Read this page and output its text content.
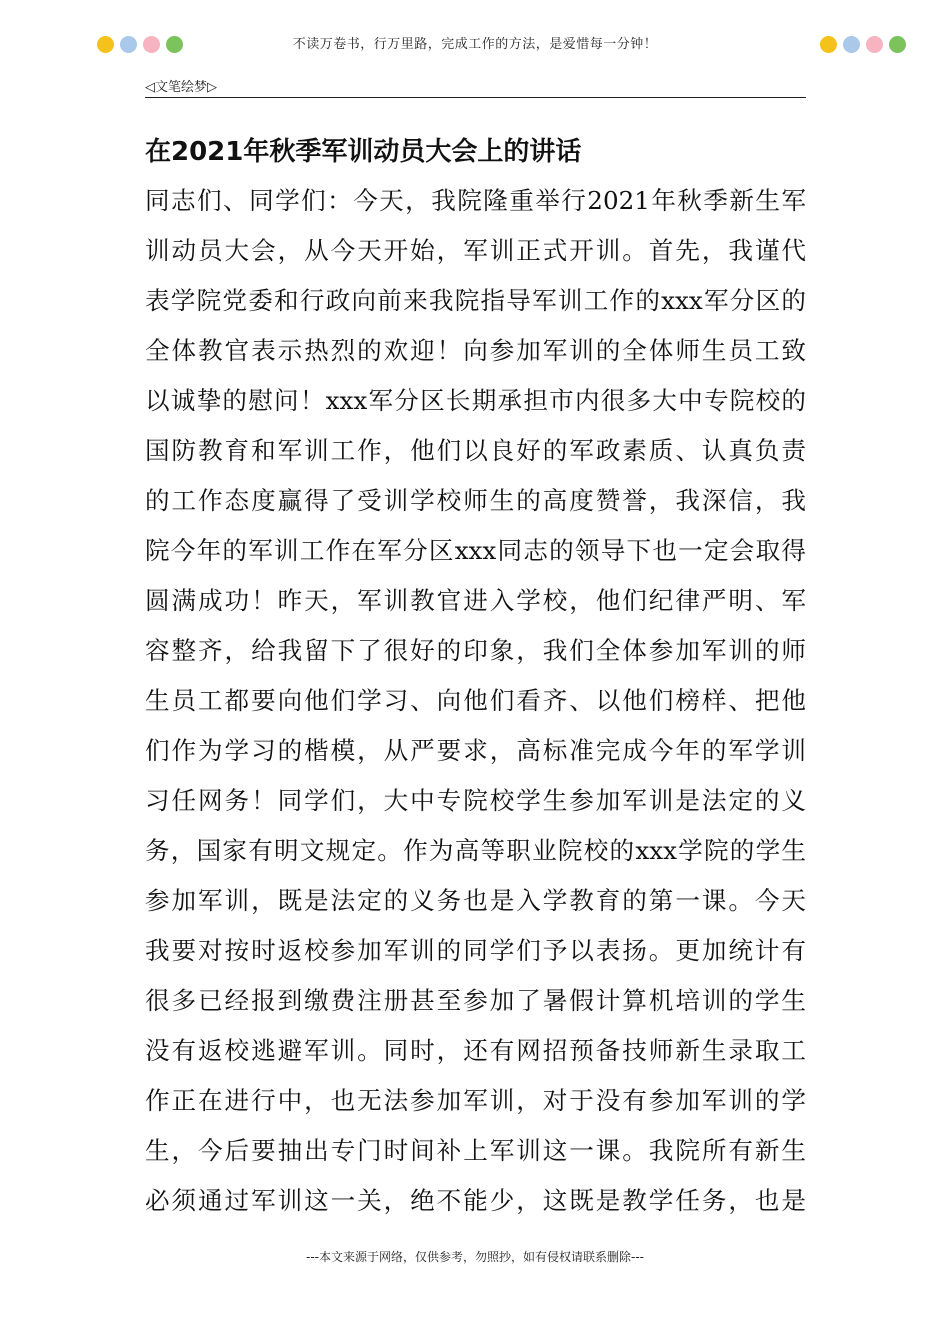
不读万卷书，行万里路，完成工作的方法，是爱惜每一分钟！
◁文笔绘梦▷
在2021年秋季军训动员大会上的讲话
同志们、同学们：今天，我院隆重举行2021年秋季新生军
训动员大会，从今天开始，军训正式开训。首先，我谨代
表学院党委和行政向前来我院指导军训工作的xxx军分区的
全体教官表示热烈的欢迎！向参加军训的全体师生员工致
以诚挚的慰问！xxx军分区长期承担市内很多大中专院校的
国防教育和军训工作，他们以良好的军政素质、认真负责
的工作态度赢得了受训学校师生的高度赞誉，我深信，我
院今年的军训工作在军分区xxx同志的领导下也一定会取得
圆满成功！昨天，军训教官进入学校，他们纪律严明、军
容整齐，给我留下了很好的印象，我们全体参加军训的师
生员工都要向他们学习、向他们看齐、以他们榜样、把他
们作为学习的楷模，从严要求，高标准完成今年的军学训
习任网务！同学们，大中专院校学生参加军训是法定的义
务，国家有明文规定。作为高等职业院校的xxx学院的学生
参加军训，既是法定的义务也是入学教育的第一课。今天
我要对按时返校参加军训的同学们予以表扬。更加统计有
很多已经报到缴费注册甚至参加了暑假计算机培训的学生
没有返校逃避军训。同时，还有网招预备技师新生录取工
作正在进行中，也无法参加军训，对于没有参加军训的学
生，今后要抽出专门时间补上军训这一课。我院所有新生
必须通过军训这一关，绝不能少，这既是教学任务，也是
---本文来源于网络，仅供参考，勿照抄，如有侵权请联系删除---
